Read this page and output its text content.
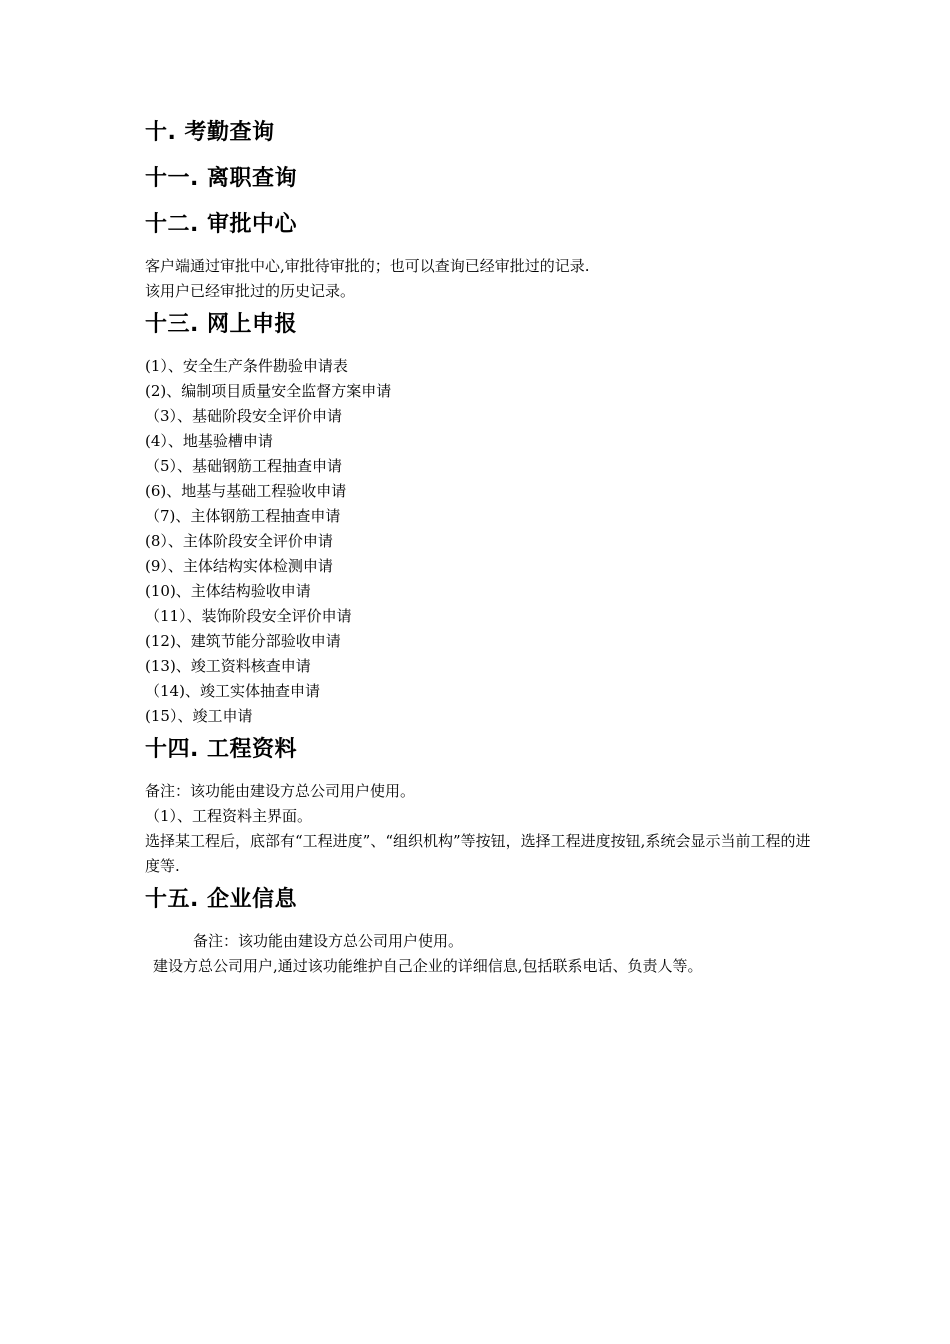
十. 考勤查询
十一. 离职查询
十二. 审批中心

客户端通过审批中心,审批待审批的；也可以查询已经审批过的记录.

该用户已经审批过的历史记录。

十三. 网上申报

(1）、安全生产条件勘验申请表

(2)、编制项目质量安全监督方案申请

（3）、基础阶段安全评价申请

(4）、地基验槽申请

（5）、基础钢筋工程抽查申请

(6)、地基与基础工程验收申请

（7)、主体钢筋工程抽查申请

(8）、主体阶段安全评价申请

(9）、主体结构实体检测申请

(10)、主体结构验收申请

（11）、装饰阶段安全评价申请

(12)、建筑节能分部验收申请

(13)、竣工资料核查申请

（14)、竣工实体抽查申请

(15）、竣工申请

十四. 工程资料

备注：该功能由建设方总公司用户使用。

（1）、工程资料主界面。

选择某工程后，底部有“工程进度”、“组织机构”等按钮，选择工程进度按钮,系统会显示当前工程的进度等.

十五. 企业信息

备注：该功能由建设方总公司用户使用。

建设方总公司用户,通过该功能维护自己企业的详细信息,包括联系电话、负责人等。
